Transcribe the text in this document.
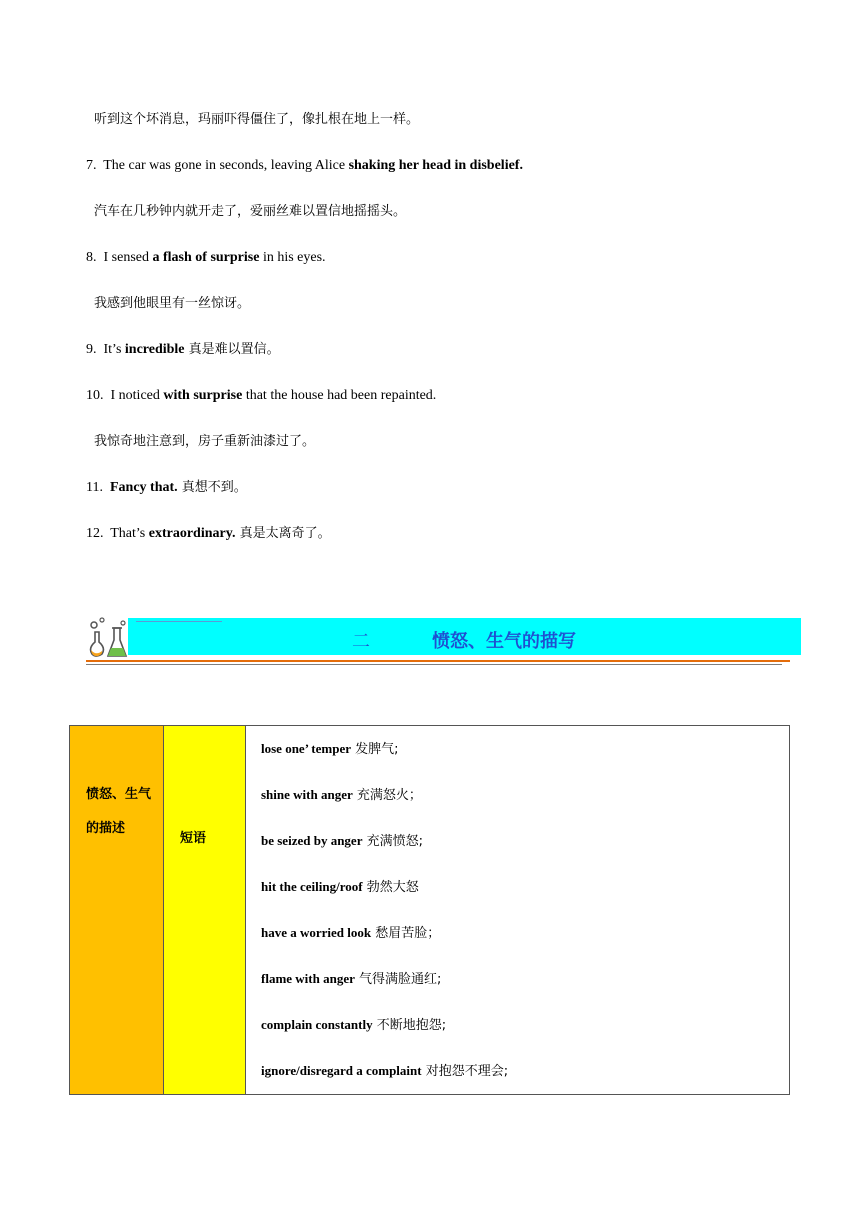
听到这个坏消息，玛丽吓得僵住了，像扎根在地上一样。
7. The car was gone in seconds, leaving Alice shaking her head in disbelief.
汽车在几秒钟内就开走了，爱丽丝难以置信地摇摇头。
8. I sensed a flash of surprise in his eyes.
我感到他眼里有一丝惊讶。
9. It’s incredible 真是难以置信。
10. I noticed with surprise that the house had been repainted.
我惊奇地注意到，房子重新油漆过了。
11. Fancy that. 真想不到。
12. That’s extraordinary. 真是太离奇了。
二	愤怒、生气的描写
愤怒、生气的描述
短语
lose one’ temper 发脾气;
shine with anger 充满怒火；
be seized by anger 充满愤怒;
hit the ceiling/roof 勃然大怒
have a worried look 愁眉苦脸；
flame with anger 气得满脸通红;
complain constantly 不断地抱怨;
ignore/disregard a complaint 对抱怨不理会;
